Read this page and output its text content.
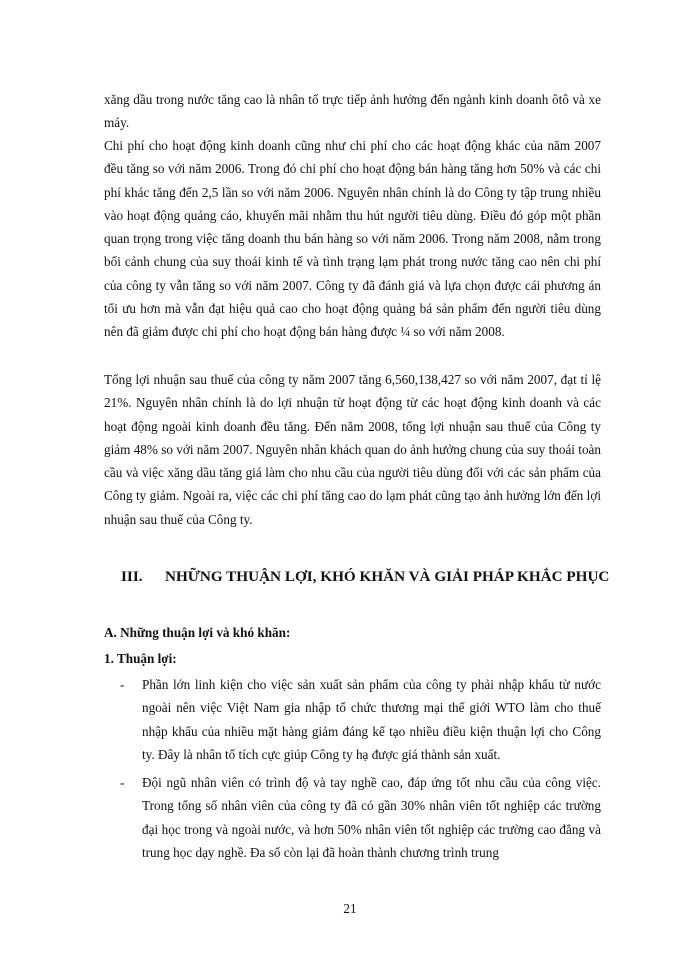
xăng dầu trong nước tăng cao là nhân tố trực tiếp ảnh hưởng đến ngành kinh doanh ôtô và xe máy.

Chi phí cho hoạt động kinh doanh cũng như chi phí cho các hoạt động khác của năm 2007 đều tăng so với năm 2006. Trong đó chi phí cho hoạt động bán hàng tăng hơn 50% và các chi phí khác tăng đến 2,5 lần so với năm 2006. Nguyên nhân chính là do Công ty tập trung nhiều vào hoạt động quảng cáo, khuyến mãi nhằm thu hút người tiêu dùng. Điều đó góp một phần quan trọng trong việc tăng doanh thu bán hàng so với năm 2006. Trong năm 2008, nằm trong bối cảnh chung của suy thoái kinh tế và tình trạng lạm phát trong nước tăng cao nên chi phí của công ty vẫn tăng so với năm 2007. Công ty đã đánh giá và lựa chọn được cái phương án tối ưu hơn mà vẫn đạt hiệu quả cao cho hoạt động quảng bá sản phẩm đến người tiêu dùng nên đã giảm được chi phí cho hoạt động bán hàng được ¼ so với năm 2008.

Tổng lợi nhuận sau thuế của công ty năm 2007 tăng 6,560,138,427 so với năm 2007, đạt tỉ lệ 21%. Nguyên nhân chính là do lợi nhuận từ hoạt động từ các hoạt động kinh doanh và các hoạt động ngoài kinh doanh đều tăng. Đến năm 2008, tổng lợi nhuận sau thuế của Công ty giảm 48% so với năm 2007. Nguyên nhân khách quan do ảnh hưởng chung của suy thoái toàn cầu và việc xăng dầu tăng giá làm cho nhu cầu của người tiêu dùng đối với các sản phẩm của Công ty giảm. Ngoài ra, việc các chi phí tăng cao do lạm phát cũng tạo ảnh hưởng lớn đến lợi nhuận sau thuế của Công ty.

III. NHỮNG THUẬN LỢI, KHÓ KHĂN VÀ GIẢI PHÁP KHẮC PHỤC

A. Những thuận lợi và khó khăn:

1. Thuận lợi:

- Phần lớn linh kiện cho việc sản xuất sản phẩm của công ty phải nhập khẩu từ nước ngoài nên việc Việt Nam gia nhập tổ chức thương mại thế giới WTO làm cho thuế nhập khẩu của nhiều mặt hàng giảm đáng kể tạo nhiều điều kiện thuận lợi cho Công ty. Đây là nhân tố tích cực giúp Công ty hạ được giá thành sản xuất.

- Đội ngũ nhân viên có trình độ và tay nghề cao, đáp ứng tốt nhu cầu của công việc. Trong tổng số nhân viên của công ty đã có gần 30% nhân viên tốt nghiệp các trường đại học trong và ngoài nước, và hơn 50% nhân viên tốt nghiệp các trường cao đẳng và trung học dạy nghề. Đa số còn lại đã hoàn thành chương trình trung

21
